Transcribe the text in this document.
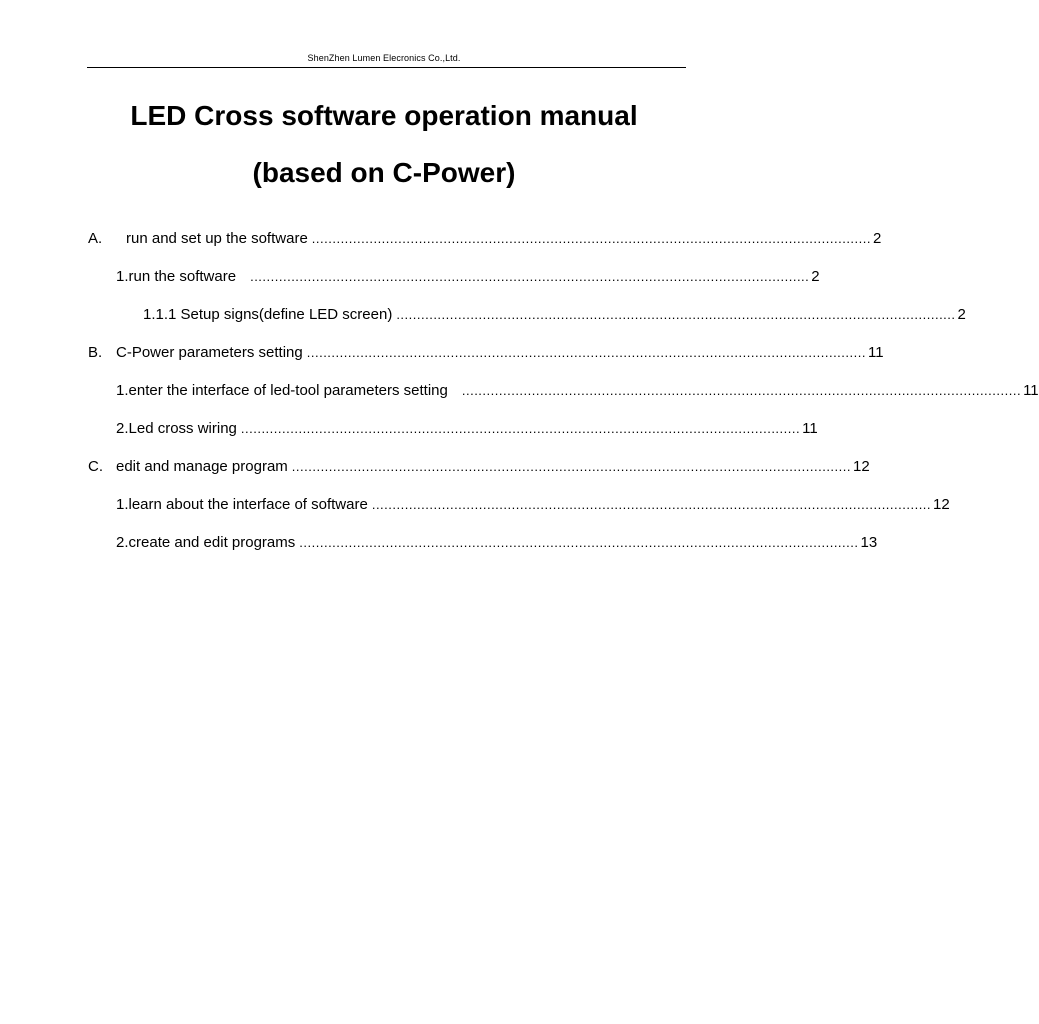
ShenZhen Lumen Elecronics Co.,Ltd.
LED Cross software operation manual
(based on C-Power)
A.	run and set up the software ........................................................................................................................................ 2
1.run the software ........................................................................................................................................ 2
1.1.1 Setup signs(define LED screen) ........................................................................................................................................ 2
B. C-Power parameters setting ........................................................................................................................................ 11
1.enter the interface of led-tool parameters setting ........................................................................................................................................ 11
2.Led cross wiring ........................................................................................................................................ 11
C. edit and manage program ........................................................................................................................................ 12
1.learn about the interface of software ........................................................................................................................................ 12
2.create and edit programs ........................................................................................................................................ 13
